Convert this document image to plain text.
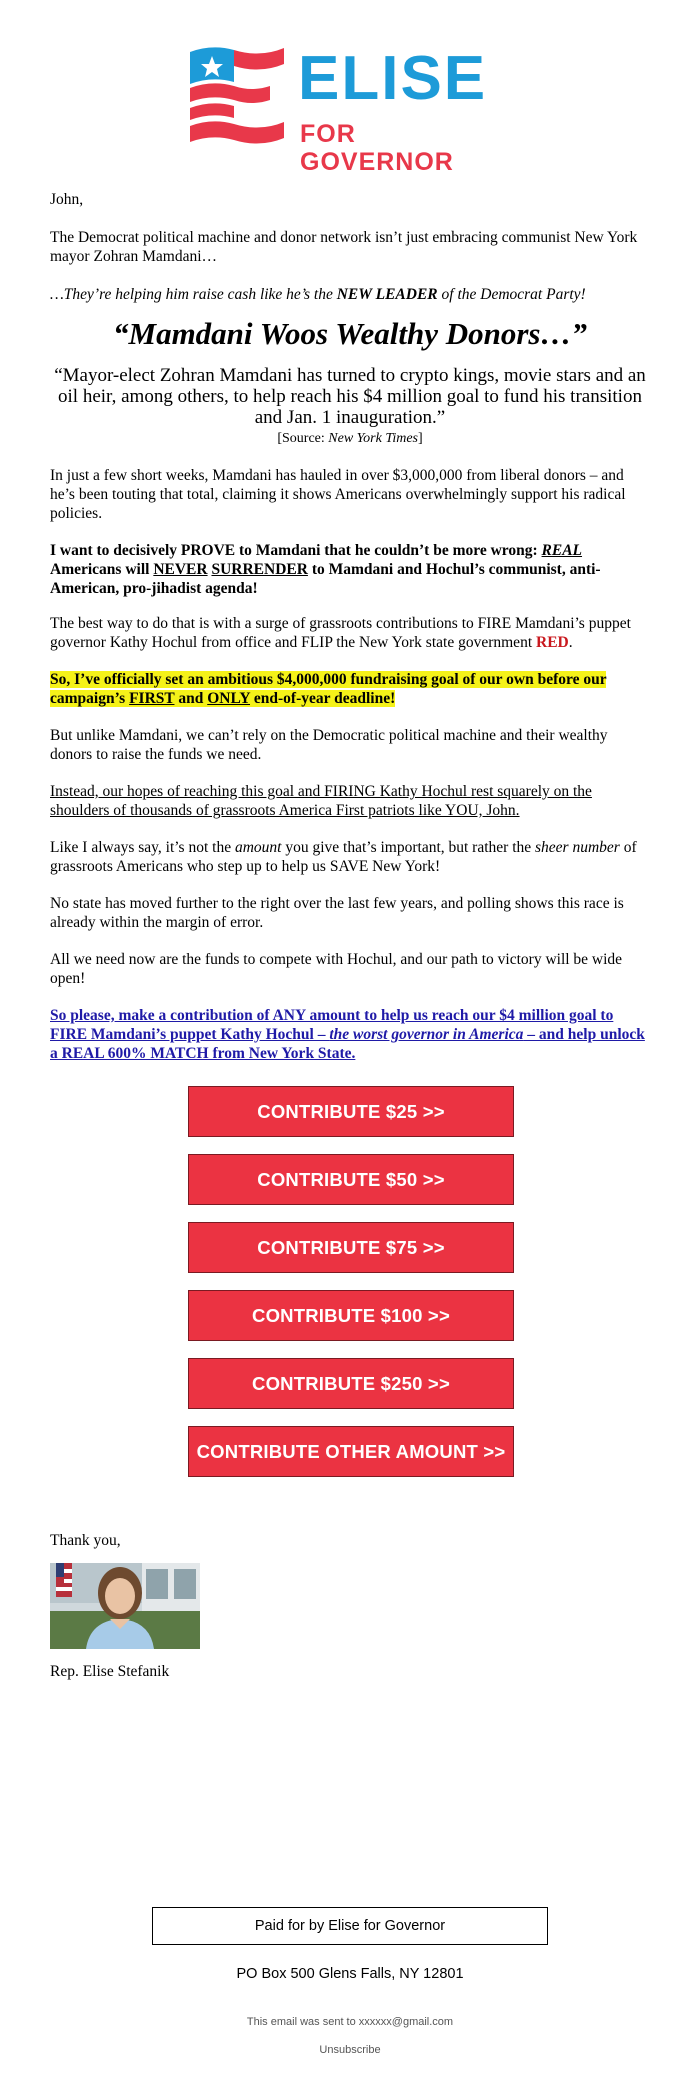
ELISE
FOR GOVERNOR
John,
The Democrat political machine and donor network isn’t just embracing communist New York mayor Zohran Mamdani…
…They’re helping him raise cash like he’s the NEW LEADER of the Democrat Party!
“Mamdani Woos Wealthy Donors…”
“Mayor-elect Zohran Mamdani has turned to crypto kings, movie stars and an oil heir, among others, to help reach his $4 million goal to fund his transition and Jan. 1 inauguration.”
[Source: New York Times]
In just a few short weeks, Mamdani has hauled in over $3,000,000 from liberal donors – and he’s been touting that total, claiming it shows Americans overwhelmingly support his radical policies.
I want to decisively PROVE to Mamdani that he couldn’t be more wrong: REAL Americans will NEVER SURRENDER to Mamdani and Hochul’s communist, anti-American, pro-jihadist agenda!
The best way to do that is with a surge of grassroots contributions to FIRE Mamdani’s puppet governor Kathy Hochul from office and FLIP the New York state government RED.
So, I’ve officially set an ambitious $4,000,000 fundraising goal of our own before our campaign’s FIRST and ONLY end-of-year deadline!
But unlike Mamdani, we can’t rely on the Democratic political machine and their wealthy donors to raise the funds we need.
Instead, our hopes of reaching this goal and FIRING Kathy Hochul rest squarely on the shoulders of thousands of grassroots America First patriots like YOU, John.
Like I always say, it’s not the amount you give that’s important, but rather the sheer number of grassroots Americans who step up to help us SAVE New York!
No state has moved further to the right over the last few years, and polling shows this race is already within the margin of error.
All we need now are the funds to compete with Hochul, and our path to victory will be wide open!
So please, make a contribution of ANY amount to help us reach our $4 million goal to FIRE Mamdani’s puppet Kathy Hochul – the worst governor in America – and help unlock a REAL 600% MATCH from New York State.
CONTRIBUTE $25 >>
CONTRIBUTE $50 >>
CONTRIBUTE $75 >>
CONTRIBUTE $100 >>
CONTRIBUTE $250 >>
CONTRIBUTE OTHER AMOUNT >>
Thank you,
Rep. Elise Stefanik
Paid for by Elise for Governor
PO Box 500 Glens Falls, NY 12801
This email was sent to xxxxxx@gmail.com
Unsubscribe
